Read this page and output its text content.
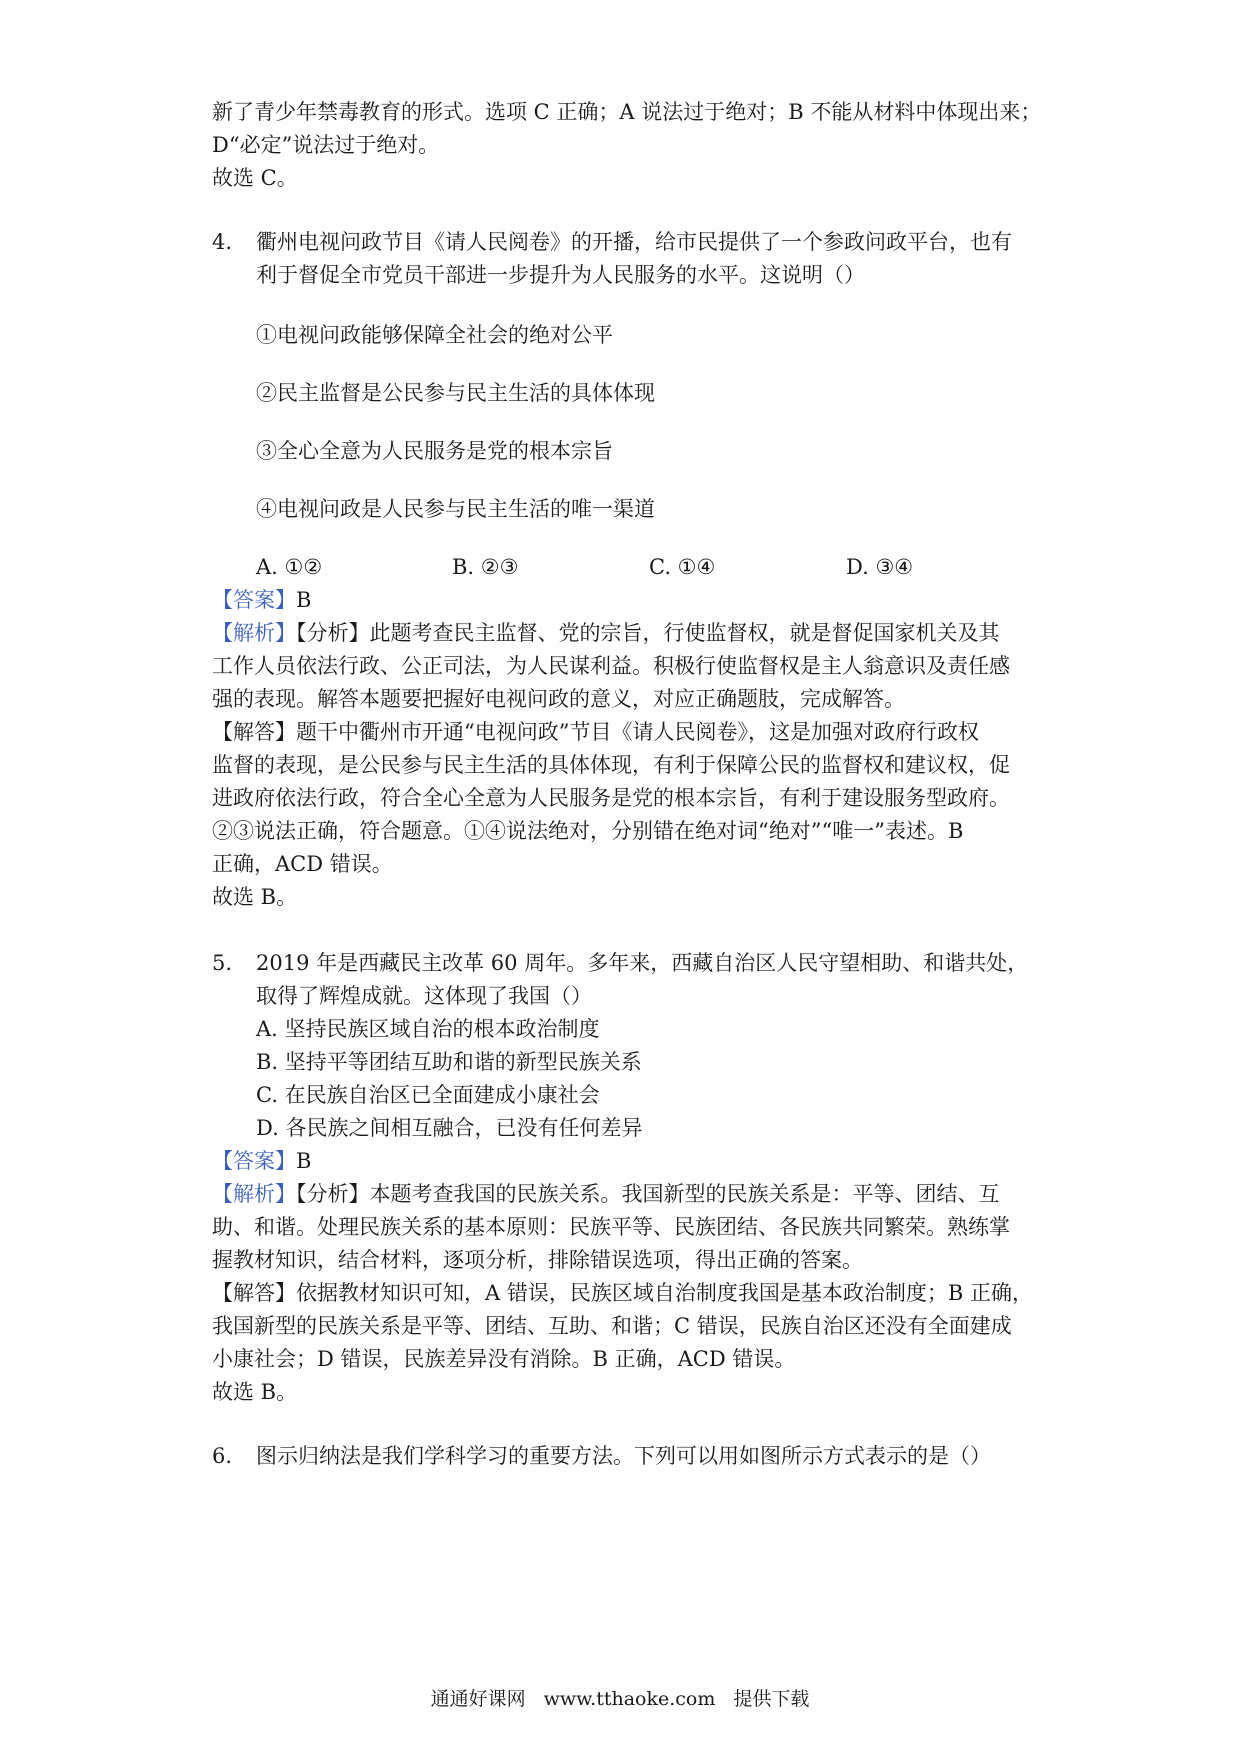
新了青少年禁毒教育的形式。选项 C 正确；A 说法过于绝对；B 不能从材料中体现出来；
D“必定”说法过于绝对。
故选 C。
4. 衢州电视问政节目《请人民阅卷》的开播，给市民提供了一个参政问政平台，也有
利于督促全市党员干部进一步提升为人民服务的水平。这说明（）
①电视问政能够保障全社会的绝对公平
②民主监督是公民参与民主生活的具体体现
③全心全意为人民服务是党的根本宗旨
④电视问政是人民参与民主生活的唯一渠道
A. ①②	B. ②③	C. ①④	D. ③④
【答案】B
【解析】【分析】此题考查民主监督、党的宗旨，行使监督权，就是督促国家机关及其
工作人员依法行政、公正司法，为人民谋利益。积极行使监督权是主人翁意识及责任感
强的表现。解答本题要把握好电视问政的意义，对应正确题肢，完成解答。
【解答】题干中衢州市开通“电视问政”节目《请人民阅卷》，这是加强对政府行政权
监督的表现，是公民参与民主生活的具体体现，有利于保障公民的监督权和建议权，促
进政府依法行政，符合全心全意为人民服务是党的根本宗旨，有利于建设服务型政府。
②③说法正确，符合题意。①④说法绝对，分别错在绝对词“绝对”“唯一”表述。B
正确，ACD 错误。
故选 B。
5. 2019 年是西藏民主改革 60 周年。多年来，西藏自治区人民守望相助、和谐共处，
取得了辉煌成就。这体现了我国（）
A. 坚持民族区域自治的根本政治制度
B. 坚持平等团结互助和谐的新型民族关系
C. 在民族自治区已全面建成小康社会
D. 各民族之间相互融合，已没有任何差异
【答案】B
【解析】【分析】本题考查我国的民族关系。我国新型的民族关系是：平等、团结、互
助、和谐。处理民族关系的基本原则：民族平等、民族团结、各民族共同繁荣。熟练掌
握教材知识，结合材料，逐项分析，排除错误选项，得出正确的答案。
【解答】依据教材知识可知，A 错误，民族区域自治制度我国是基本政治制度；B 正确，
我国新型的民族关系是平等、团结、互助、和谐；C 错误，民族自治区还没有全面建成
小康社会；D 错误，民族差异没有消除。B 正确，ACD 错误。
故选 B。
6. 图示归纳法是我们学科学习的重要方法。下列可以用如图所示方式表示的是（）
通通好课网 www.tthaoke.com 提供下载
